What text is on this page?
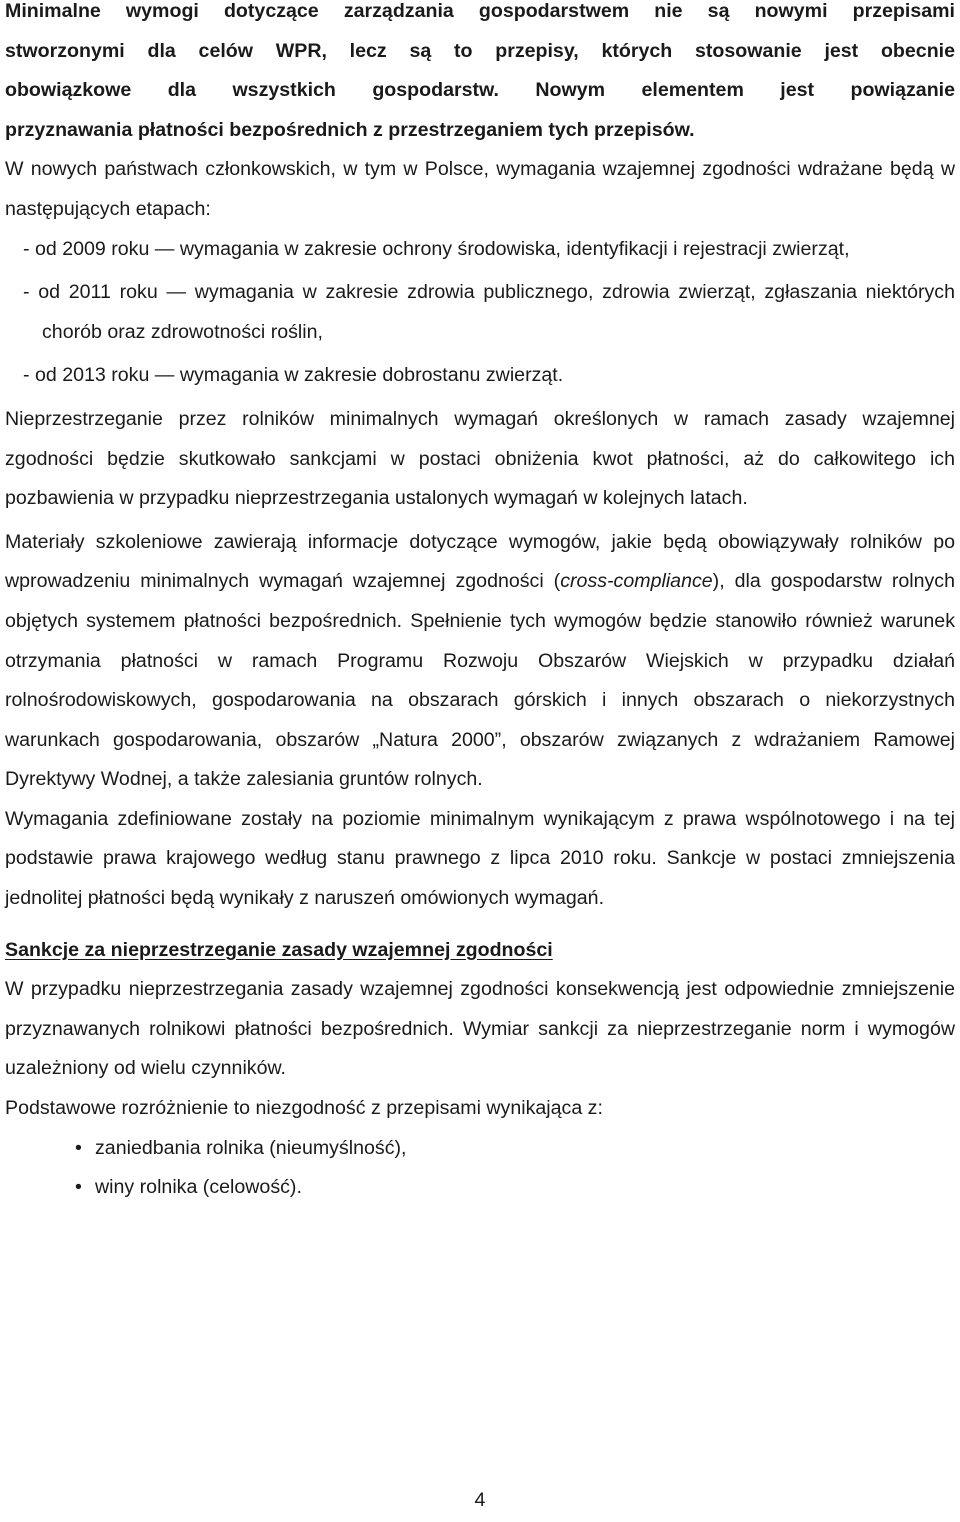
Minimalne wymogi dotyczące zarządzania gospodarstwem nie są nowymi przepisami
stworzonymi dla celów WPR, lecz są to przepisy, których stosowanie jest obecnie
obowiązkowe dla wszystkich gospodarstw. Nowym elementem jest powiązanie
przyznawania płatności bezpośrednich z przestrzeganiem tych przepisów.

W nowych państwach członkowskich, w tym w Polsce, wymagania wzajemnej zgodności wdrażane będą w następujących etapach:

- od 2009 roku — wymagania w zakresie ochrony środowiska, identyfikacji i rejestracji zwierząt,
- od 2011 roku — wymagania w zakresie zdrowia publicznego, zdrowia zwierząt, zgłaszania niektórych chorób oraz zdrowotności roślin,
- od 2013 roku — wymagania w zakresie dobrostanu zwierząt.

Nieprzestrzeganie przez rolników minimalnych wymagań określonych w ramach zasady wzajemnej zgodności będzie skutkowało sankcjami w postaci obniżenia kwot płatności, aż do całkowitego ich pozbawienia w przypadku nieprzestrzegania ustalonych wymagań w kolejnych latach.

Materiały szkoleniowe zawierają informacje dotyczące wymogów, jakie będą obowiązywały rolników po wprowadzeniu minimalnych wymagań wzajemnej zgodności (cross-compliance), dla gospodarstw rolnych objętych systemem płatności bezpośrednich. Spełnienie tych wymogów będzie stanowiło również warunek otrzymania płatności w ramach Programu Rozwoju Obszarów Wiejskich w przypadku działań rolnośrodowiskowych, gospodarowania na obszarach górskich i innych obszarach o niekorzystnych warunkach gospodarowania, obszarów „Natura 2000”, obszarów związanych z wdrażaniem Ramowej Dyrektywy Wodnej, a także zalesiania gruntów rolnych.

Wymagania zdefiniowane zostały na poziomie minimalnym wynikającym z prawa wspólnotowego i na tej podstawie prawa krajowego według stanu prawnego z lipca 2010 roku. Sankcje w postaci zmniejszenia jednolitej płatności będą wynikały z naruszeń omówionych wymagań.

Sankcje za nieprzestrzeganie zasady wzajemnej zgodności

W przypadku nieprzestrzegania zasady wzajemnej zgodności konsekwencją jest odpowiednie zmniejszenie przyznawanych rolnikowi płatności bezpośrednich. Wymiar sankcji za nieprzestrzeganie norm i wymogów uzależniony od wielu czynników.

Podstawowe rozróżnienie to niezgodność z przepisami wynikająca z:

• zaniedbania rolnika (nieumyślność),
• winy rolnika (celowość).
4
